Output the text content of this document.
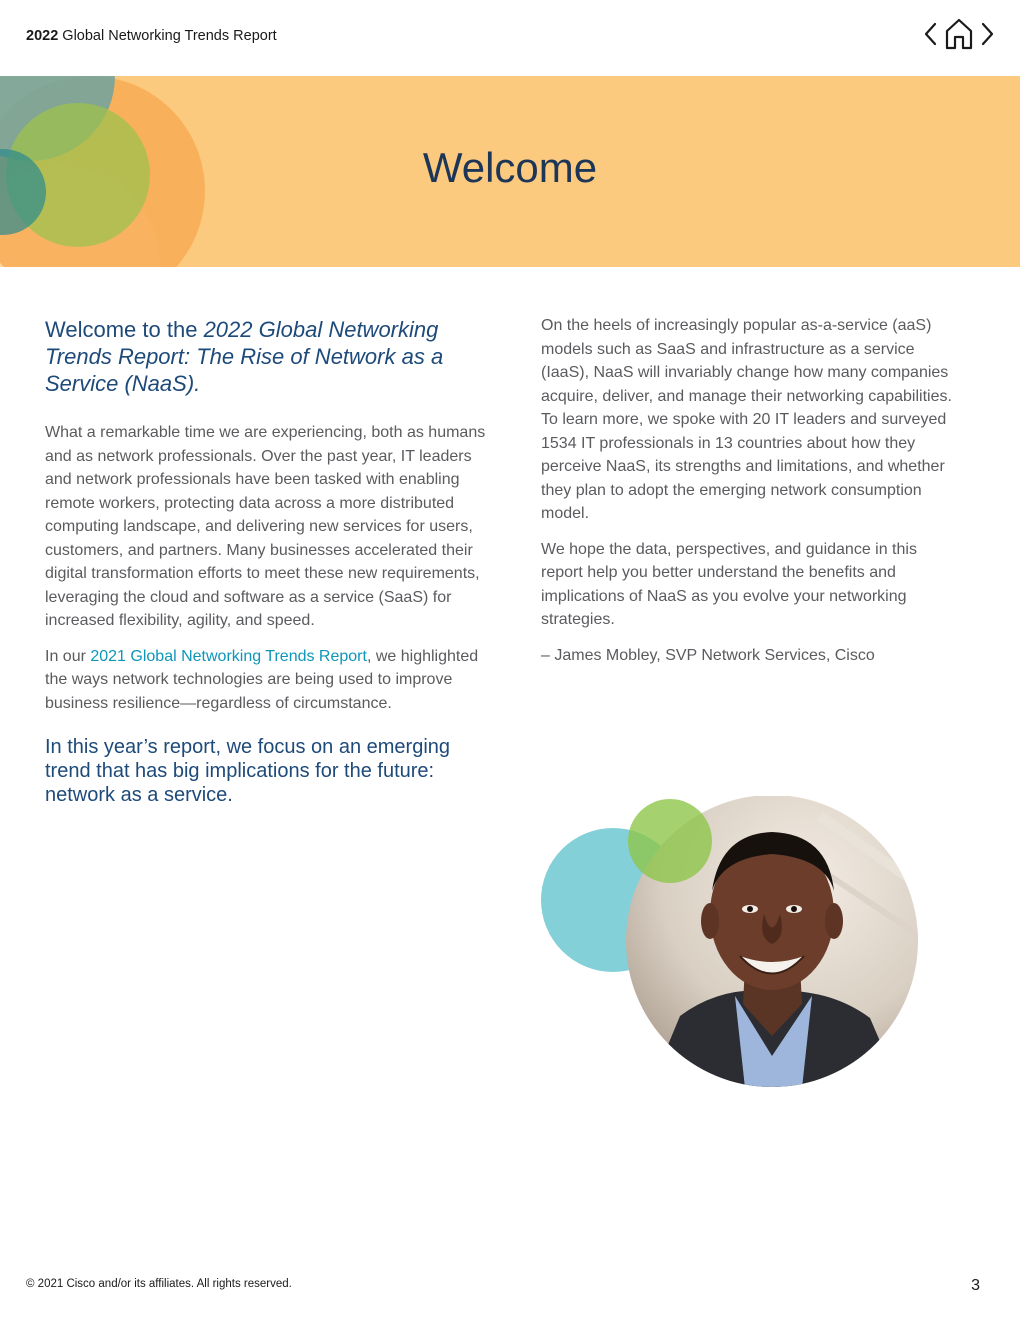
2022 Global Networking Trends Report
Welcome
Welcome to the 2022 Global Networking Trends Report: The Rise of Network as a Service (NaaS).

What a remarkable time we are experiencing, both as humans and as network professionals. Over the past year, IT leaders and network professionals have been tasked with enabling remote workers, protecting data across a more distributed computing landscape, and delivering new services for users, customers, and partners. Many businesses accelerated their digital transformation efforts to meet these new requirements, leveraging the cloud and software as a service (SaaS) for increased flexibility, agility, and speed.

In our 2021 Global Networking Trends Report, we highlighted the ways network technologies are being used to improve business resilience—regardless of circumstance.

In this year’s report, we focus on an emerging trend that has big implications for the future: network as a service.

On the heels of increasingly popular as-a-service (aaS) models such as SaaS and infrastructure as a service (IaaS), NaaS will invariably change how many companies acquire, deliver, and manage their networking capabilities. To learn more, we spoke with 20 IT leaders and surveyed 1534 IT professionals in 13 countries about how they perceive NaaS, its strengths and limitations, and whether they plan to adopt the emerging network consumption model.

We hope the data, perspectives, and guidance in this report help you better understand the benefits and implications of NaaS as you evolve your networking strategies.

– James Mobley, SVP Network Services, Cisco

© 2021 Cisco and/or its affiliates. All rights reserved.	3
